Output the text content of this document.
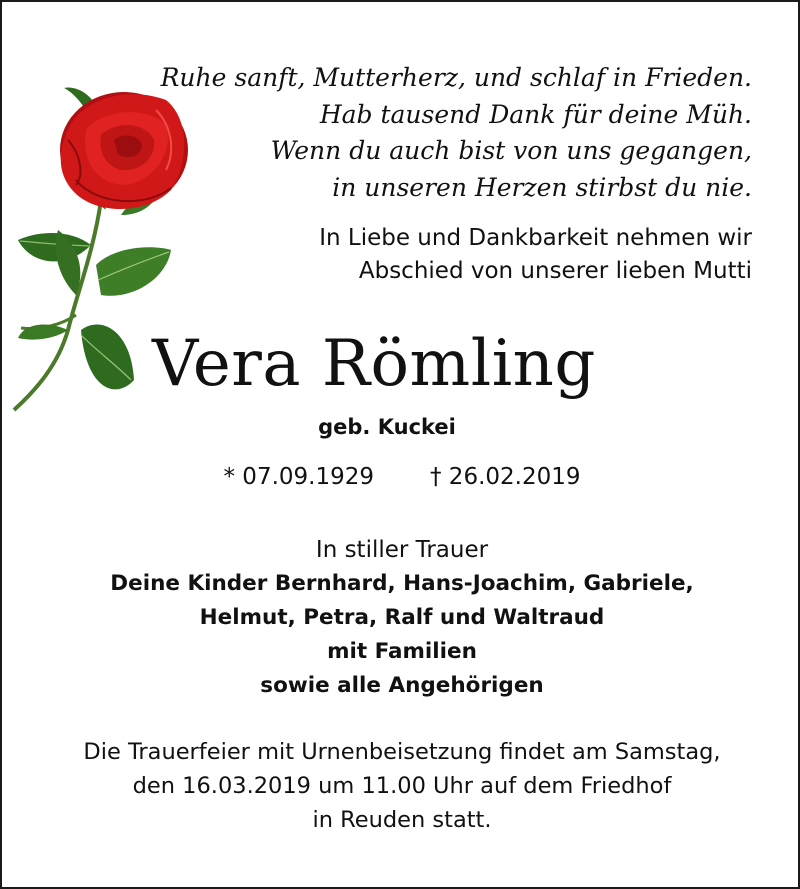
Ruhe sanft, Mutterherz, und schlaf in Frieden.
Hab tausend Dank für deine Müh.
Wenn du auch bist von uns gegangen,
in unseren Herzen stirbst du nie.
In Liebe und Dankbarkeit nehmen wir
Abschied von unserer lieben Mutti
Vera Römling
geb. Kuckei
* 07.09.1929 † 26.02.2019
In stiller Trauer
Deine Kinder Bernhard, Hans-Joachim, Gabriele,
Helmut, Petra, Ralf und Waltraud
mit Familien
sowie alle Angehörigen
Die Trauerfeier mit Urnenbeisetzung findet am Samstag,
den 16.03.2019 um 11.00 Uhr auf dem Friedhof
in Reuden statt.
